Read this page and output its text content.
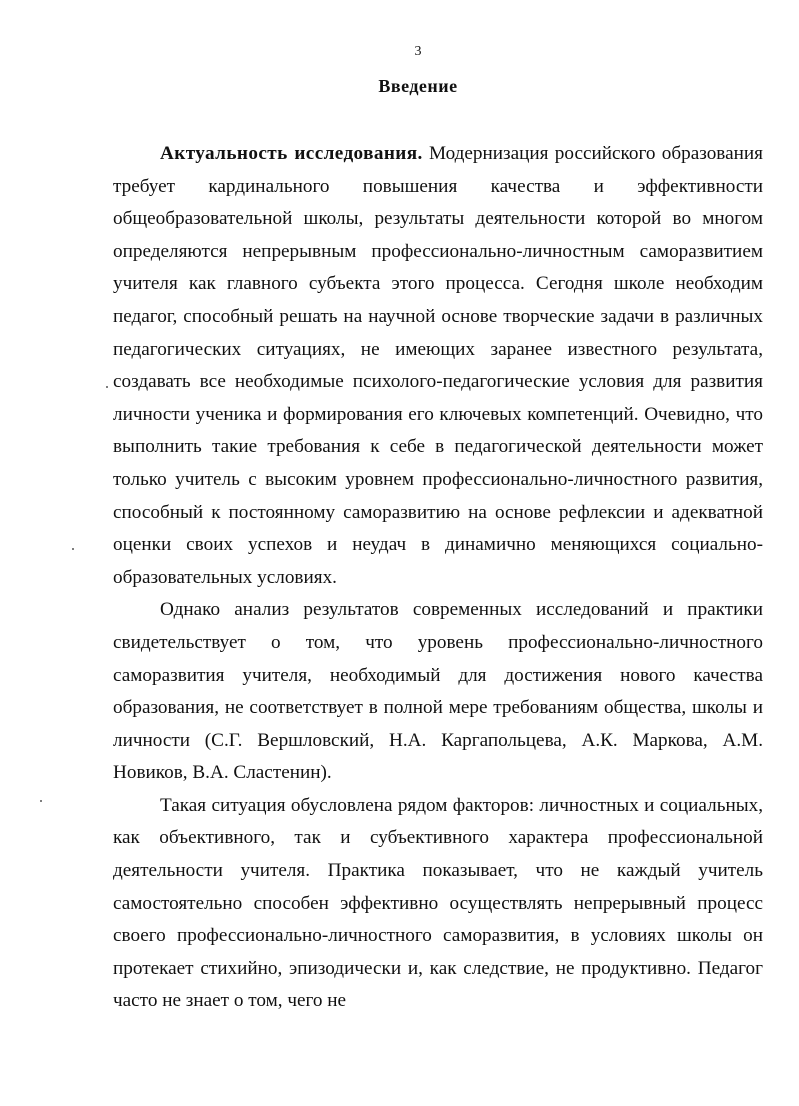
3
Введение

Актуальность исследования. Модернизация российского образования требует кардинального повышения качества и эффективности общеобразовательной школы, результаты деятельности которой во многом определяются непрерывным профессионально-личностным саморазвитием учителя как главного субъекта этого процесса. Сегодня школе необходим педагог, способный решать на научной основе творческие задачи в различных педагогических ситуациях, не имеющих заранее известного результата, создавать все необходимые психолого-педагогические условия для развития личности ученика и формирования его ключевых компетенций. Очевидно, что выполнить такие требования к себе в педагогической деятельности может только учитель с высоким уровнем профессионально-личностного развития, способный к постоянному саморазвитию на основе рефлексии и адекватной оценки своих успехов и неудач в динамично меняющихся социально-образовательных условиях.

Однако анализ результатов современных исследований и практики свидетельствует о том, что уровень профессионально-личностного саморазвития учителя, необходимый для достижения нового качества образования, не соответствует в полной мере требованиям общества, школы и личности (С.Г. Вершловский, Н.А. Каргапольцева, А.К. Маркова, А.М. Новиков, В.А. Сластенин).

Такая ситуация обусловлена рядом факторов: личностных и социальных, как объективного, так и субъективного характера профессиональной деятельности учителя. Практика показывает, что не каждый учитель самостоятельно способен эффективно осуществлять непрерывный процесс своего профессионально-личностного саморазвития, в условиях школы он протекает стихийно, эпизодически и, как следствие, не продуктивно. Педагог часто не знает о том, чего не
